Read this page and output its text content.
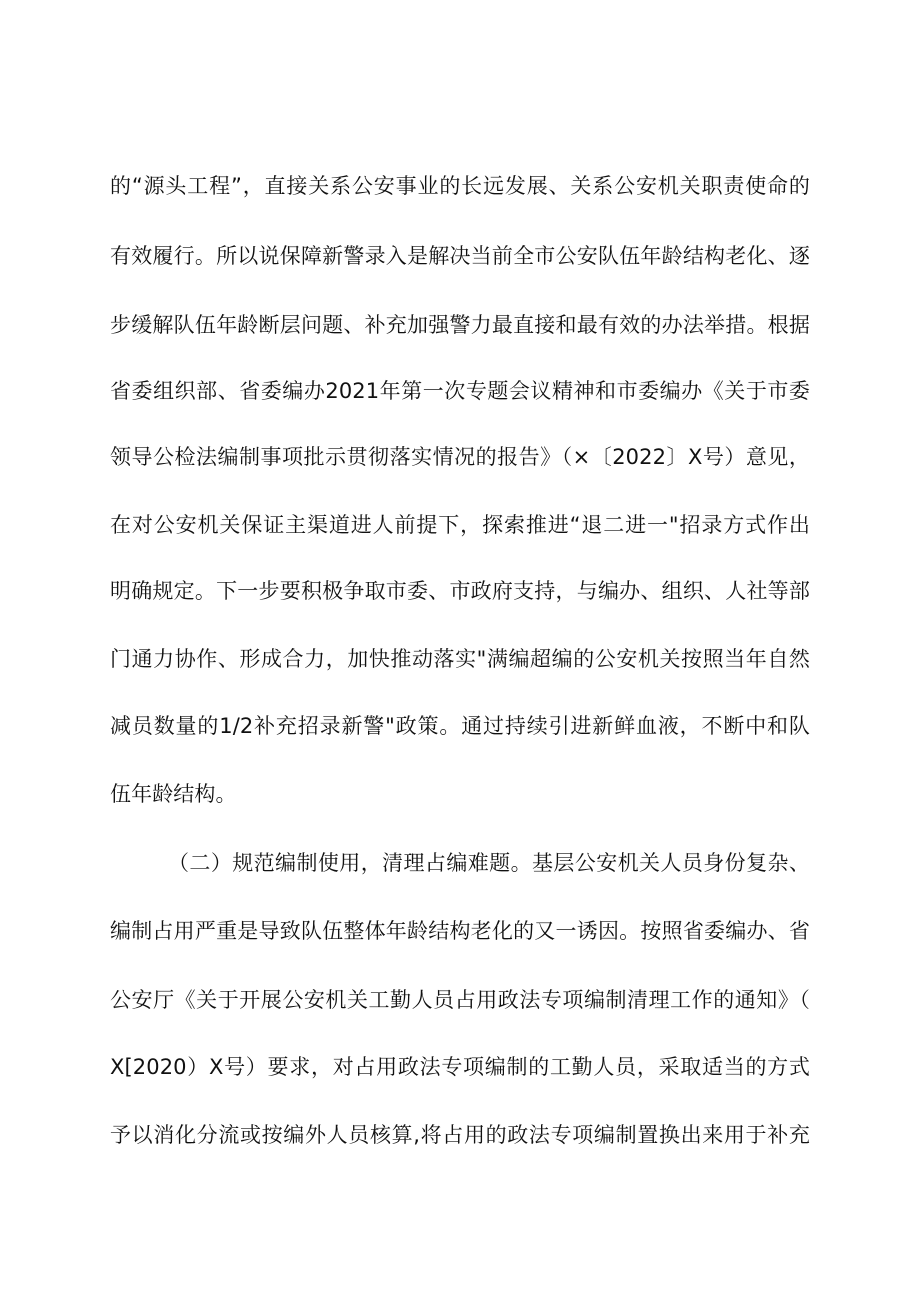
的“源头工程”，直接关系公安事业的长远发展、关系公安机关职责使命的
有效履行。所以说保障新警录入是解决当前全市公安队伍年龄结构老化、逐
步缓解队伍年龄断层问题、补充加强警力最直接和最有效的办法举措。根据
省委组织部、省委编办2021年第一次专题会议精神和市委编办《关于市委
领导公检法编制事项批示贯彻落实情况的报告》（×〔2022〕X号）意见，
在对公安机关保证主渠道进人前提下，探索推进“退二进一"招录方式作出
明确规定。下一步要积极争取市委、市政府支持，与编办、组织、人社等部
门通力协作、形成合力，加快推动落实"满编超编的公安机关按照当年自然
减员数量的1/2补充招录新警"政策。通过持续引进新鲜血液，不断中和队
伍年龄结构。
（二）规范编制使用，清理占编难题。基层公安机关人员身份复杂、
编制占用严重是导致队伍整体年龄结构老化的又一诱因。按照省委编办、省
公安厅《关于开展公安机关工勤人员占用政法专项编制清理工作的通知》（
X[2020）X号）要求，对占用政法专项编制的工勤人员，采取适当的方式
予以消化分流或按编外人员核算,将占用的政法专项编制置换出来用于补充
